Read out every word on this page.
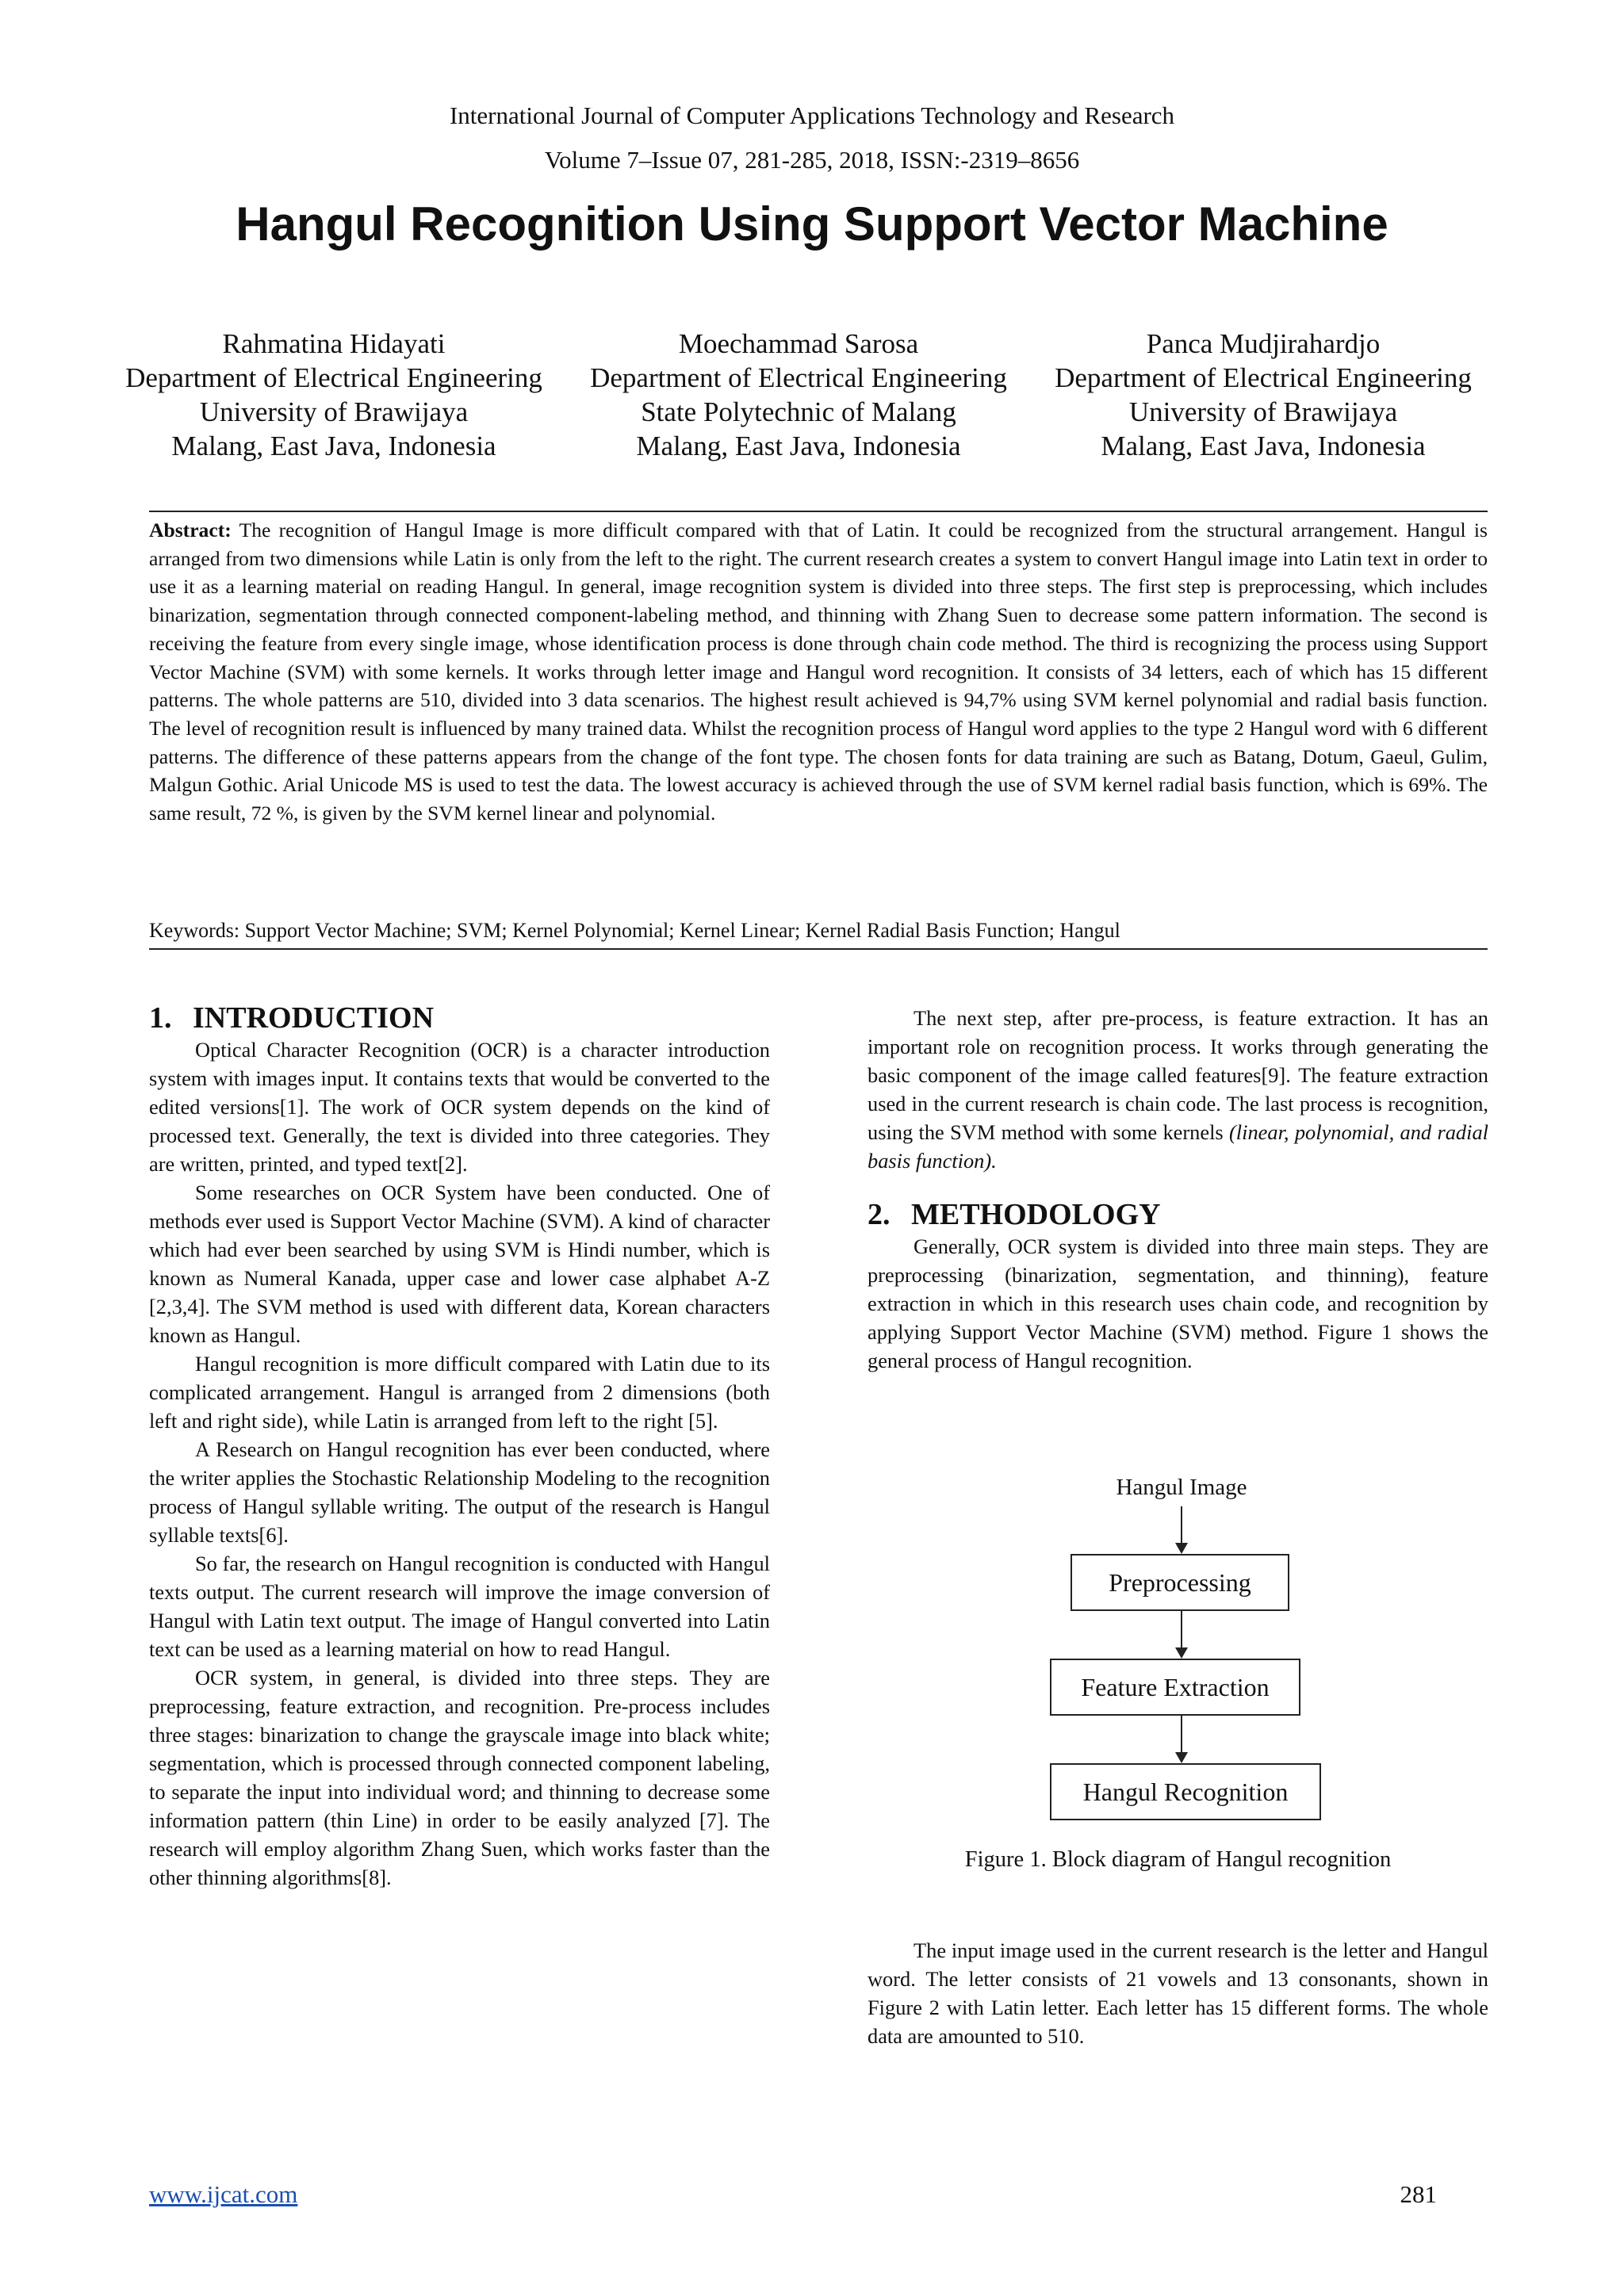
International Journal of Computer Applications Technology and Research
Volume 7–Issue 07, 281-285, 2018, ISSN:-2319–8656
Hangul Recognition Using Support Vector Machine
Rahmatina Hidayati
Department of Electrical Engineering
University of Brawijaya
Malang, East Java, Indonesia
Moechammad Sarosa
Department of Electrical Engineering
State Polytechnic of Malang
Malang, East Java, Indonesia
Panca Mudjirahardjo
Department of Electrical Engineering
University of Brawijaya
Malang, East Java, Indonesia
Abstract: The recognition of Hangul Image is more difficult compared with that of Latin. It could be recognized from the structural arrangement. Hangul is arranged from two dimensions while Latin is only from the left to the right. The current research creates a system to convert Hangul image into Latin text in order to use it as a learning material on reading Hangul. In general, image recognition system is divided into three steps. The first step is preprocessing, which includes binarization, segmentation through connected component-labeling method, and thinning with Zhang Suen to decrease some pattern information. The second is receiving the feature from every single image, whose identification process is done through chain code method. The third is recognizing the process using Support Vector Machine (SVM) with some kernels. It works through letter image and Hangul word recognition. It consists of 34 letters, each of which has 15 different patterns. The whole patterns are 510, divided into 3 data scenarios. The highest result achieved is 94,7% using SVM kernel polynomial and radial basis function. The level of recognition result is influenced by many trained data. Whilst the recognition process of Hangul word applies to the type 2 Hangul word with 6 different patterns. The difference of these patterns appears from the change of the font type. The chosen fonts for data training are such as Batang, Dotum, Gaeul, Gulim, Malgun Gothic. Arial Unicode MS is used to test the data. The lowest accuracy is achieved through the use of SVM kernel radial basis function, which is 69%. The same result, 72 %, is given by the SVM kernel linear and polynomial.
Keywords: Support Vector Machine; SVM; Kernel Polynomial; Kernel Linear; Kernel Radial Basis Function; Hangul
1. INTRODUCTION

Optical Character Recognition (OCR) is a character introduction system with images input. It contains texts that would be converted to the edited versions[1]. The work of OCR system depends on the kind of processed text. Generally, the text is divided into three categories. They are written, printed, and typed text[2].

Some researches on OCR System have been conducted. One of methods ever used is Support Vector Machine (SVM). A kind of character which had ever been searched by using SVM is Hindi number, which is known as Numeral Kanada, upper case and lower case alphabet A-Z [2,3,4]. The SVM method is used with different data, Korean characters known as Hangul.

Hangul recognition is more difficult compared with Latin due to its complicated arrangement. Hangul is arranged from 2 dimensions (both left and right side), while Latin is arranged from left to the right [5].

A Research on Hangul recognition has ever been conducted, where the writer applies the Stochastic Relationship Modeling to the recognition process of Hangul syllable writing. The output of the research is Hangul syllable texts[6].

So far, the research on Hangul recognition is conducted with Hangul texts output. The current research will improve the image conversion of Hangul with Latin text output. The image of Hangul converted into Latin text can be used as a learning material on how to read Hangul.

OCR system, in general, is divided into three steps. They are preprocessing, feature extraction, and recognition. Pre-process includes three stages: binarization to change the grayscale image into black white; segmentation, which is processed through connected component labeling, to separate the input into individual word; and thinning to decrease some information pattern (thin Line) in order to be easily analyzed [7]. The research will employ algorithm Zhang Suen, which works faster than the other thinning algorithms[8].

The next step, after pre-process, is feature extraction. It has an important role on recognition process. It works through generating the basic component of the image called features[9]. The feature extraction used in the current research is chain code. The last process is recognition, using the SVM method with some kernels (linear, polynomial, and radial basis function).

2. METHODOLOGY

Generally, OCR system is divided into three main steps. They are preprocessing (binarization, segmentation, and thinning), feature extraction in which in this research uses chain code, and recognition by applying Support Vector Machine (SVM) method. Figure 1 shows the general process of Hangul recognition.

Hangul Image
Preprocessing
Feature Extraction
Hangul Recognition
Figure 1. Block diagram of Hangul recognition

The input image used in the current research is the letter and Hangul word. The letter consists of 21 vowels and 13 consonants, shown in Figure 2 with Latin letter. Each letter has 15 different forms. The whole data are amounted to 510.

www.ijcat.com	281
